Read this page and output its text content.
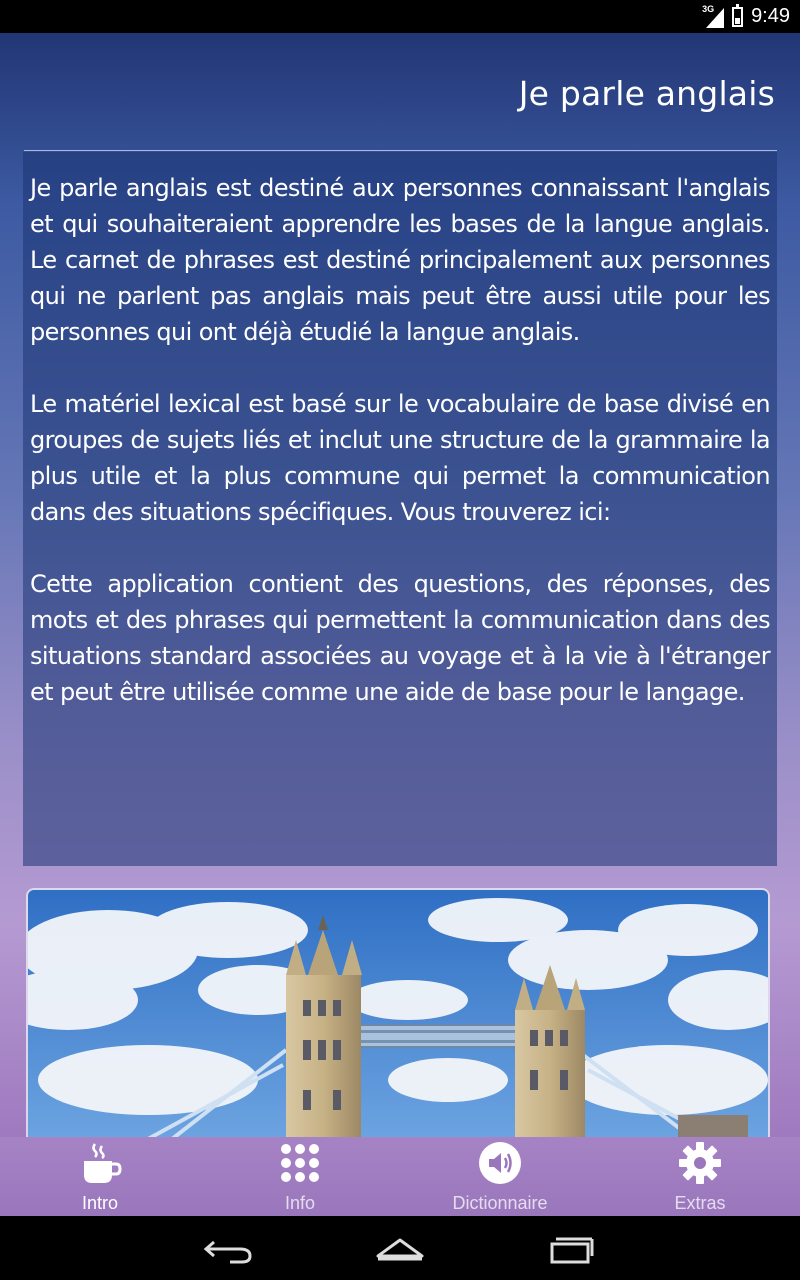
3G 9:49
Je parle anglais

Je parle anglais est destiné aux personnes connaissant l'anglais et qui souhaiteraient apprendre les bases de la langue anglais. Le carnet de phrases est destiné principalement aux personnes qui ne parlent pas anglais mais peut être aussi utile pour les personnes qui ont déjà étudié la langue anglais.

Le matériel lexical est basé sur le vocabulaire de base divisé en groupes de sujets liés et inclut une structure de la grammaire la plus utile et la plus commune qui permet la communication dans des situations spécifiques. Vous trouverez ici:

Cette application contient des questions, des réponses, des mots et des phrases qui permettent la communication dans des situations standard associées au voyage et à la vie à l'étranger et peut être utilisée comme une aide de base pour le langage.

Intro	Info	Dictionnaire	Extras
